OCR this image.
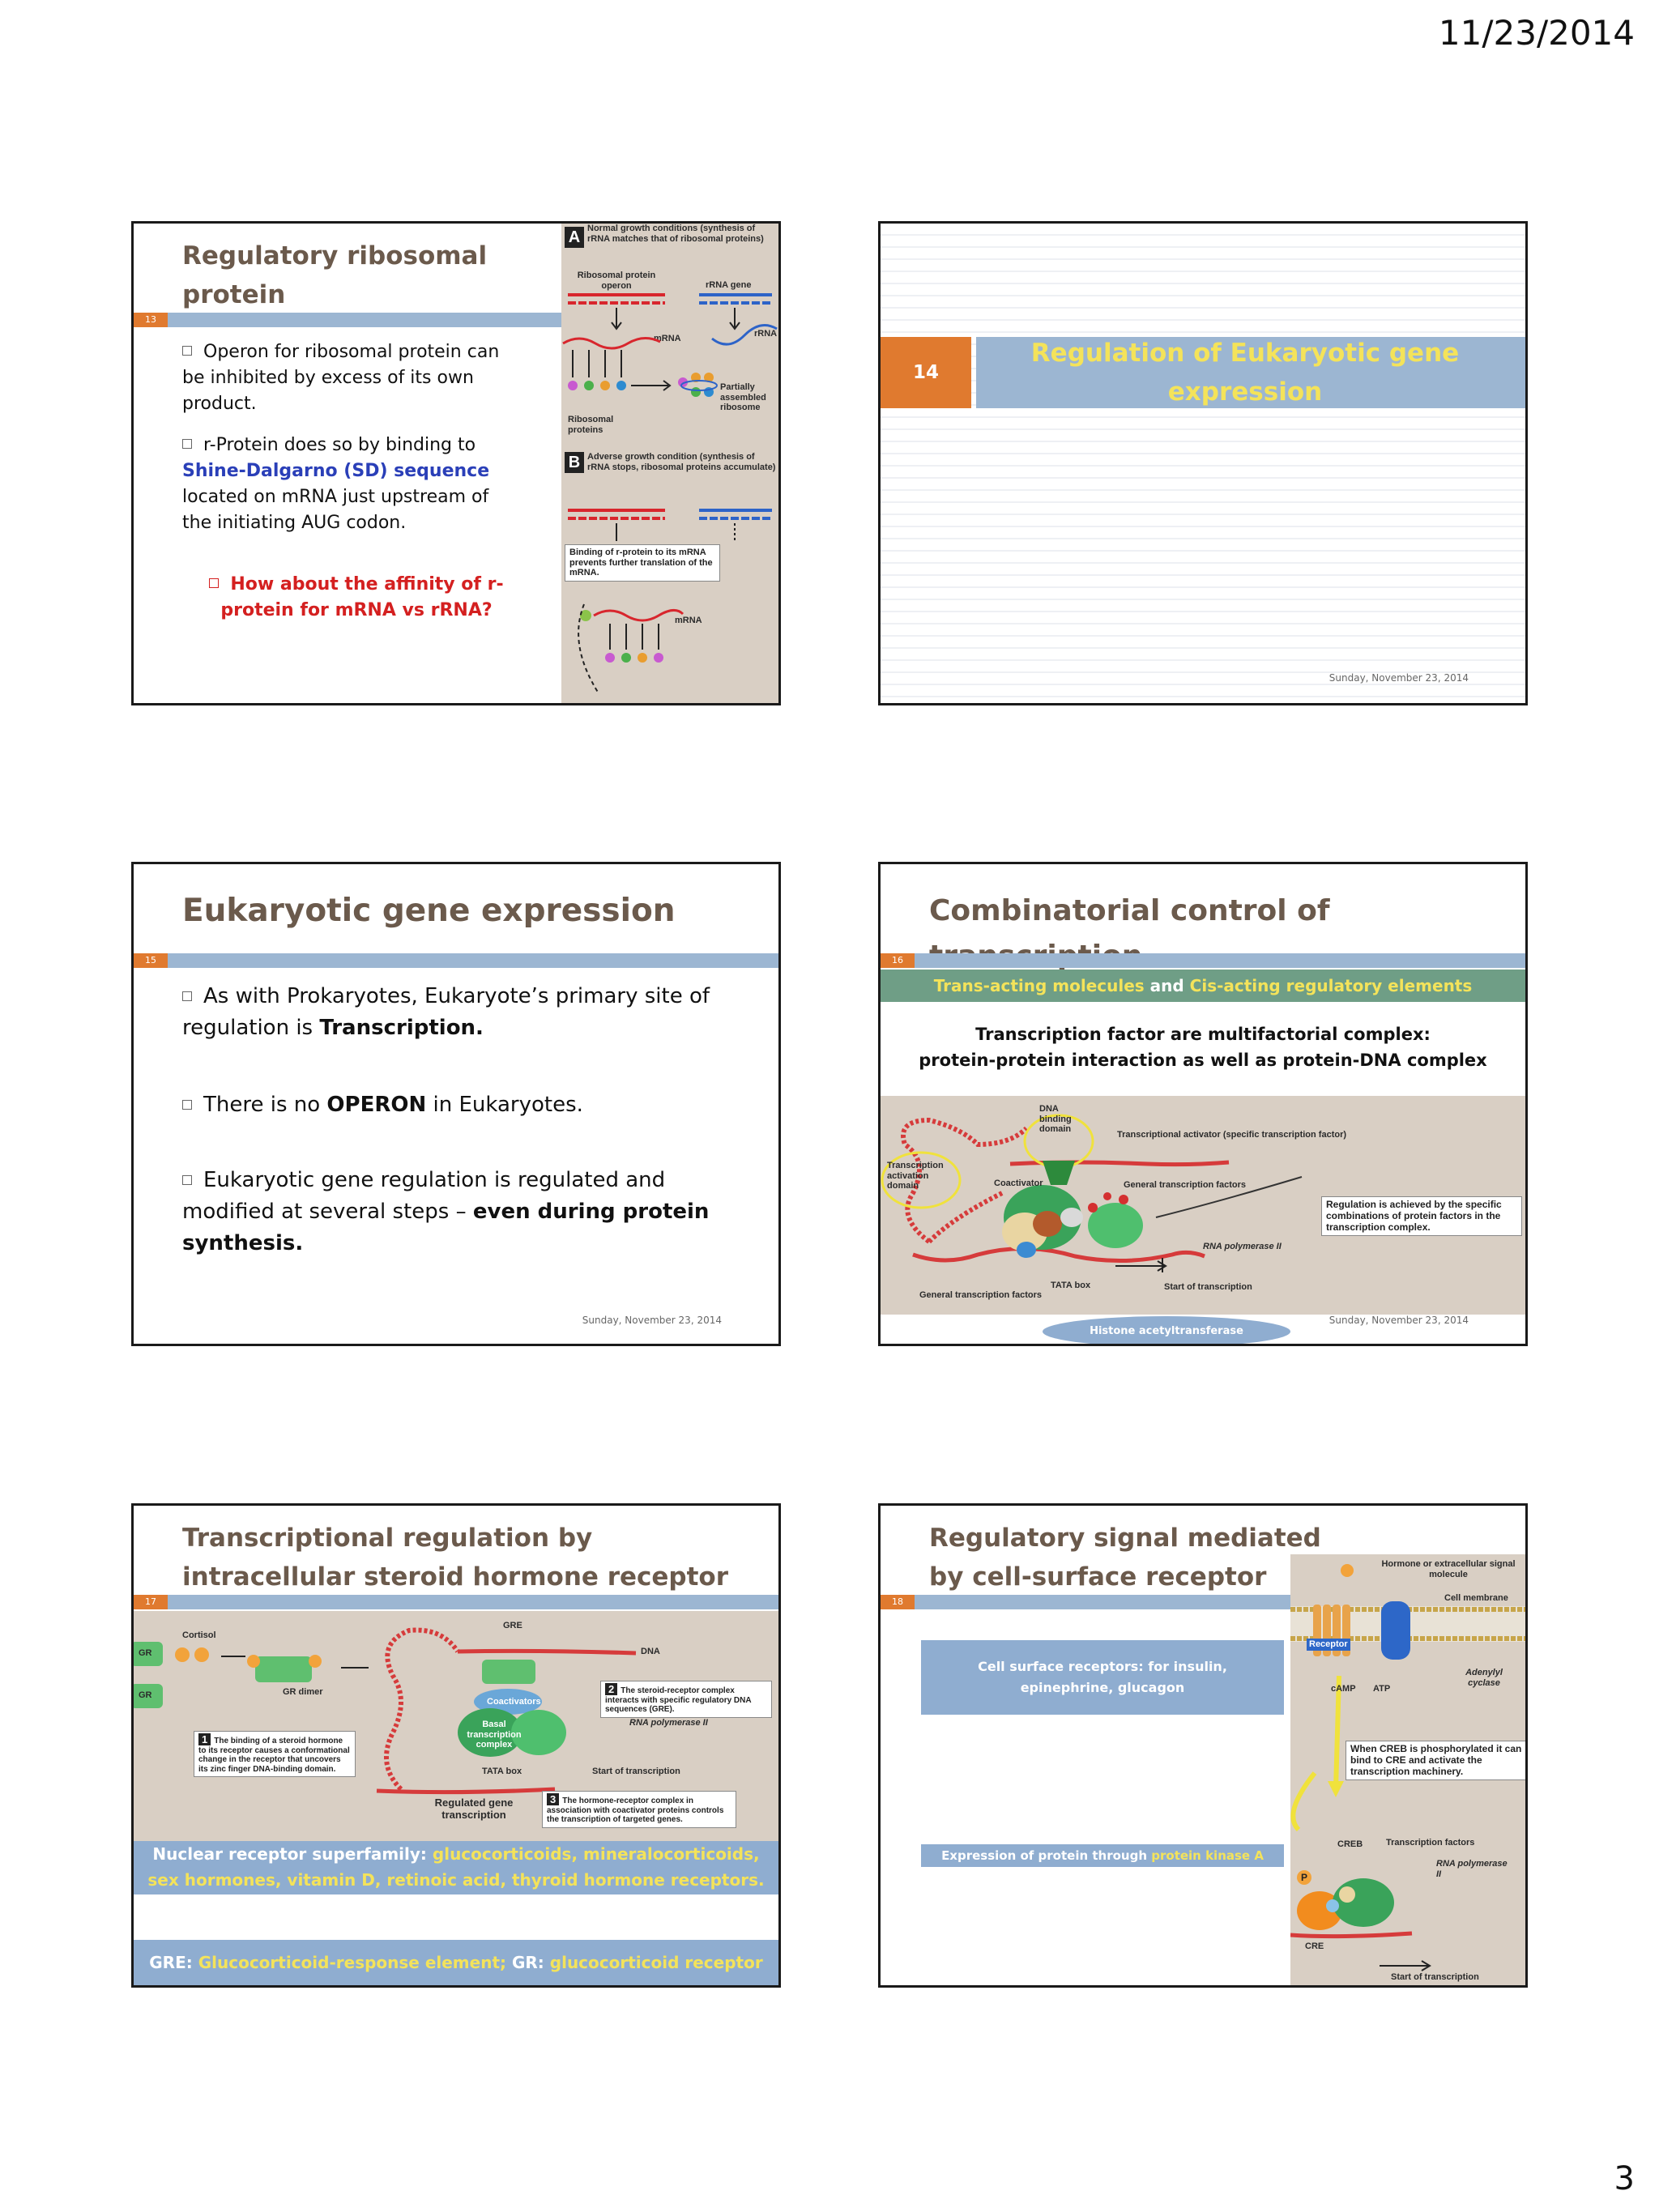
11/23/2014
Regulatory ribosomal protein
13
Operon for ribosomal protein can be inhibited by excess of its own product.
r-Protein does so by binding to Shine-Dalgarno (SD) sequence located on mRNA just upstream of the initiating AUG codon.
How about the affinity of r-protein for mRNA vs rRNA?
A Normal growth conditions (synthesis of rRNA matches that of ribosomal proteins)
Ribosomal protein operon	rRNA gene
mRNA	rRNA
Partially assembled ribosome
Ribosomal proteins
B Adverse growth condition (synthesis of rRNA stops, ribosomal proteins accumulate)
Binding of r-protein to its mRNA prevents further translation of the mRNA.
mRNA
14
Regulation of Eukaryotic gene expression
Sunday, November 23, 2014
Eukaryotic gene expression
15
As with Prokaryotes, Eukaryote’s primary site of regulation is Transcription.
There is no OPERON in Eukaryotes.
Eukaryotic gene regulation is regulated and modified at several steps – even during protein synthesis.
Sunday, November 23, 2014
Combinatorial control of
16
Trans-acting molecules and Cis-acting regulatory elements
Transcription factor are multifactorial complex:
protein-protein interaction as well as protein-DNA complex
DNA binding domain
Transcriptional activator (specific transcription factor)
Transcription activation domain	Coactivator	General transcription factors
Regulation is achieved by the specific combinations of protein factors in the transcription complex.
RNA polymerase II
TATA box	Start of transcription
General transcription factors
Histone acetyltransferase
Sunday, November 23, 2014
Transcriptional regulation by intracellular steroid hormone receptor
17
Cortisol
GR
GR	GR dimer
GRE
DNA
Coactivators
Basal transcription complex
RNA polymerase II
TATA box	Start of transcription
Regulated gene transcription
1 The binding of a steroid hormone to its receptor causes a conformational change in the receptor that uncovers its zinc finger DNA-binding domain.
2 The steroid-receptor complex interacts with specific regulatory DNA sequences (GRE).
3 The hormone-receptor complex in association with coactivator proteins controls the transcription of targeted genes.
Nuclear receptor superfamily: glucocorticoids, mineralocorticoids, sex hormones, vitamin D, retinoic acid, thyroid hormone receptors.
GRE: Glucocorticoid-response element; GR: glucocorticoid receptor
Regulatory signal mediated by cell-surface receptor
18
Cell surface receptors: for insulin, epinephrine, glucagon
Expression of protein through protein kinase A
Hormone or extracellular signal molecule
Cell membrane
Receptor
Adenylyl cyclase
cAMP ATP
When CREB is phosphorylated it can bind to CRE and activate the transcription machinery.
CREB	Transcription factors
RNA polymerase II
P
CRE
Start of transcription
3
